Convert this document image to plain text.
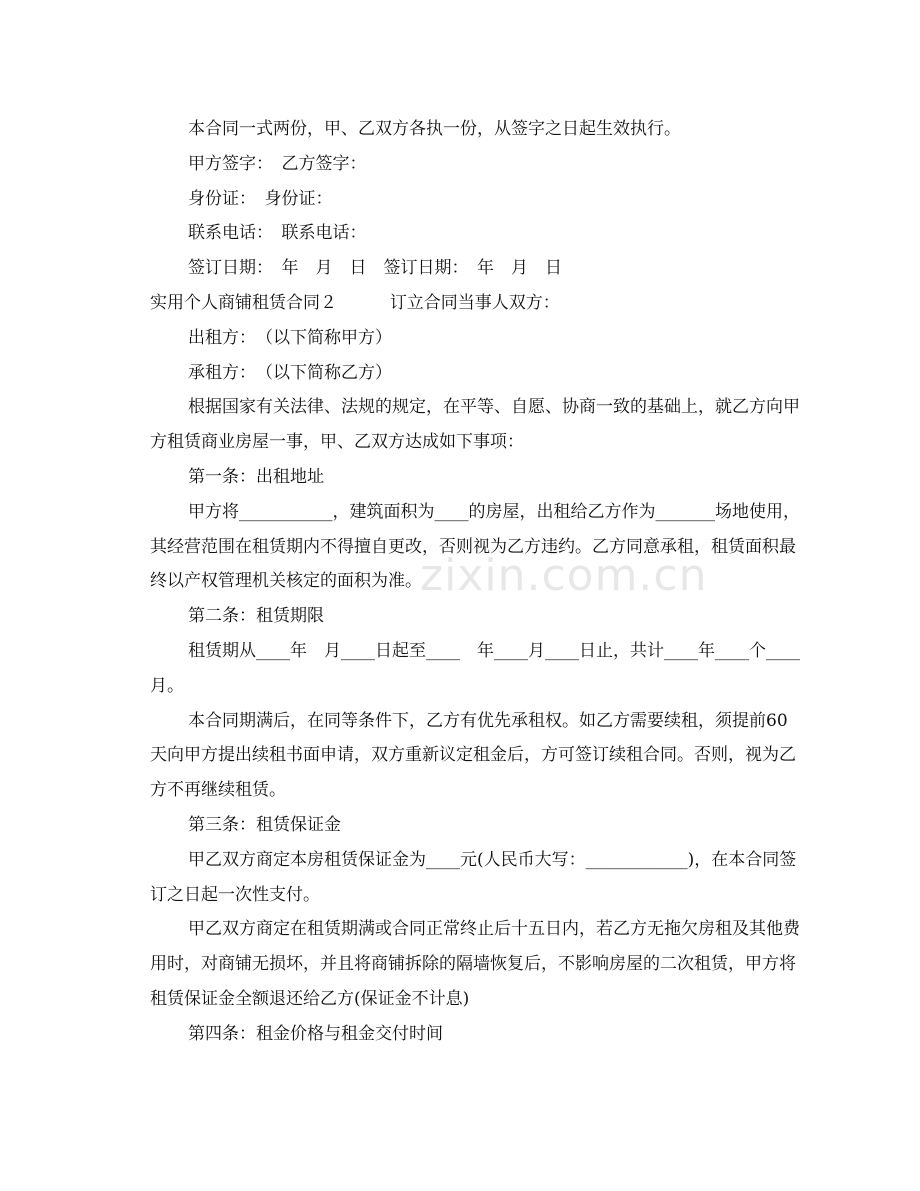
zixin.com.cn

本合同一式两份，甲、乙双方各执一份，从签字之日起生效执行。

甲方签字：　乙方签字：

身份证：　身份证：

联系电话：　联系电话：

签订日期：　年　月　日　签订日期：　年　月　日

实用个人商铺租赁合同２	订立合同当事人双方：

出租方：　（以下简称甲方）

承租方：　（以下简称乙方）

根据国家有关法律、法规的规定，在平等、自愿、协商一致的基础上，就乙方向甲方租赁商业房屋一事，甲、乙双方达成如下事项：

第一条：出租地址

甲方将___________，建筑面积为____的房屋，出租给乙方作为_______场地使用，其经营范围在租赁期内不得擅自更改，否则视为乙方违约。乙方同意承租，租赁面积最终以产权管理机关核定的面积为准。

第二条：租赁期限

租赁期从____年　月____日起至____　年____月____日止，共计____年____个____月。

本合同期满后，在同等条件下，乙方有优先承租权。如乙方需要续租，须提前60天向甲方提出续租书面申请，双方重新议定租金后，方可签订续租合同。否则，视为乙方不再继续租赁。

第三条：租赁保证金

甲乙双方商定本房租赁保证金为____元(人民币大写：____________)，在本合同签订之日起一次性支付。

甲乙双方商定在租赁期满或合同正常终止后十五日内，若乙方无拖欠房租及其他费用时，对商铺无损坏，并且将商铺拆除的隔墙恢复后，不影响房屋的二次租赁，甲方将租赁保证金全额退还给乙方(保证金不计息)

第四条：租金价格与租金交付时间
